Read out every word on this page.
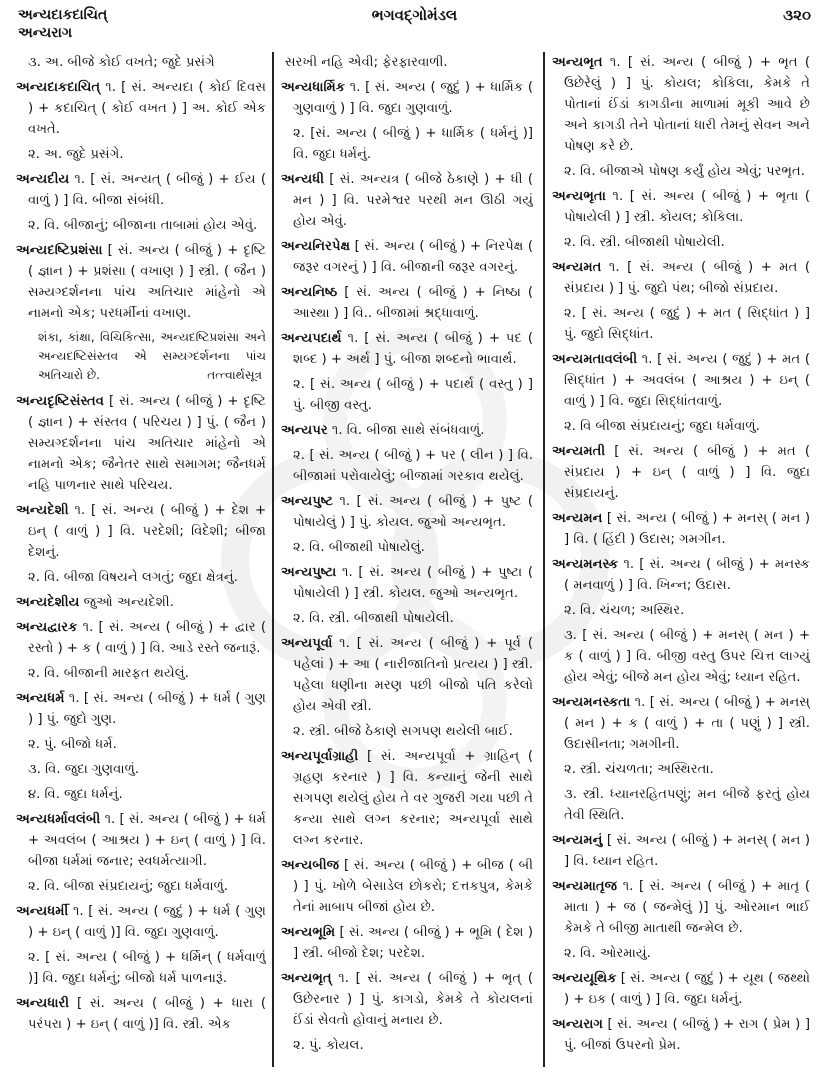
અન્યદાકદાચિત્
અન્યરાગ
ભગવદ્ગોમંડલ	૩૨૦

૩. અ. બીજે કોઈ વખતે; જુદે પ્રસંગે

અન્યદાકદાચિત્ ૧. [ સં. અન્યદા ( કોઈ દિવસ ) + કદાચિત્ ( કોઈ વખત ) ] અ. કોઈ એક વખતે.

૨. અ. જુદે પ્રસંગે.

અન્યદીય ૧. [ સં. અન્યત્ ( બીજું ) + ઈય ( વાળું ) ] વિ. બીજા સંબંધી.

૨. વિ. બીજાનું; બીજાના તાબામાં હોય એવું.

અન્યદષ્ટિપ્રશંસા [ સં. અન્ય ( બીજું ) + દૃષ્ટિ ( જ્ઞાન ) + પ્રશંસા ( વખાણ ) ] સ્ત્રી. ( જૈન ) સમ્યગ્દર્શનના પાંચ અતિચાર માંહેનો એ નામનો એક; પરધર્મીનાં વખાણ.

શંકા, કાંક્ષા, વિચિકિત્સા, અન્યદષ્ટિપ્રશંસા અને અન્યદષ્ટિસંસ્તવ એ સમ્યગ્દર્શનના પાંચ અતિચારો છે.	તત્ત્વાર્થસૂત્ર

અન્યદૃષ્ટિસંસ્તવ [ સં. અન્ય ( બીજું ) + દૃષ્ટિ ( જ્ઞાન ) + સંસ્તવ ( પરિચય ) ] પું. ( જૈન ) સમ્યગ્દર્શનના પાંચ અતિચાર માંહેનો એ નામનો એક; જૈનેતર સાથે સમાગમ; જૈનધર્મ નહિ પાળનાર સાથે પરિચય.

અન્યદેશી ૧. [ સં. અન્ય ( બીજું ) + દેશ + ઇન્ ( વાળું ) ] વિ. પરદેશી; વિદેશી; બીજા દેશનું.

૨. વિ. બીજા વિષયને લગતું; જુદા ક્ષેત્રનું.

અન્યદેશીય જુઓ અન્યદેશી.

અન્યદ્વારક ૧. [ સં. અન્ય ( બીજું ) + દ્વાર ( રસ્તો ) + ક ( વાળું ) ] વિ. આડે રસ્તે જનારૂં.

૨. વિ. બીજાની મારફત થયેલું.

અન્યધર્મ ૧. [ સં. અન્ય ( બીજું ) + ધર્મ ( ગુણ ) ] પું. જુદો ગુણ.

૨. પું. બીજો ધર્મ.

૩. વિ. જુદા ગુણવાળું.

૪. વિ. જુદા ધર્મનું.

અન્યધર્માવલંબી ૧. [ સં. અન્ય ( બીજું ) + ધર્મ + અવલંબ ( આશ્રય ) + ઇન્ ( વાળું ) ] વિ. બીજા ધર્મમાં જનાર; સ્વધર્મત્યાગી.

૨. વિ. બીજા સંપ્રદાયનું; જુદા ધર્મવાળું.

અન્યધર્મી ૧. [ સં. અન્ય ( જુદું ) + ધર્મ ( ગુણ ) + ઇન્ ( વાળું )] વિ. જુદા ગુણવાળું.

૨. [ સં. અન્ય ( બીજું ) + ધર્મિન્ ( ધર્મવાળું )] વિ. જુદા ધર્મનું; બીજો ધર્મ પાળનારૂં.

અન્યધારી [ સં. અન્ય ( બીજું ) + ધારા ( પરંપરા ) + ઇન્ ( વાળું )] વિ. સ્ત્રી. એક

સરખી નહિ એવી; ફેરફારવાળી.

અન્યધાર્મિક ૧. [ સં. અન્ય ( જુદું ) + ધાર્મિક ( ગુણવાળું ) ] વિ. જુદા ગુણવાળું.

૨. [સં. અન્ય ( બીજું ) + ધાર્મિક ( ધર્મનું )] વિ. જુદા ધર્મનું.

અન્યધી [ સં. અન્યત્ર ( બીજે ઠેકાણે ) + ધી ( મન ) ] વિ. પરમેશ્વર પરથી મન ઊઠી ગયું હોય એવું.

અન્યનિરપેક્ષ [ સં. અન્ય ( બીજું ) + નિરપેક્ષ ( જરૂર વગરનું ) ] વિ. બીજાની જરૂર વગરનું.

અન્યનિષ્ઠ [ સં. અન્ય ( બીજું ) + નિષ્ઠા ( આસ્થા ) ] વિ.. બીજામાં શ્રદ્ધાવાળું.

અન્યપદાર્થ ૧. [ સં. અન્ય ( બીજું ) + પદ ( શબ્દ ) + અર્થ ] પું. બીજા શબ્દનો ભાવાર્થ.

૨. [ સં. અન્ય ( બીજું ) + પદાર્થ ( વસ્તુ ) ] પું. બીજી વસ્તુ.

અન્યપર ૧. વિ. બીજા સાથે સંબંધવાળું.

૨. [ સં. અન્ય ( બીજું ) + પર ( લીન ) ] વિ. બીજામાં પરોવાયેલું; બીજામાં ગરકાવ થયેલું.

અન્યપુષ્ટ ૧. [ સં. અન્ય ( બીજું ) + પુષ્ટ ( પોષાયેલું ) ] પું. કોયલ. જુઓ અન્યભૃત.

૨. વિ. બીજાથી પોષાયેલું.

અન્યપુષ્ટા ૧. [ સં. અન્ય ( બીજું ) + પુષ્ટા ( પોષાયેલી ) ] સ્ત્રી. કોયલ. જુઓ અન્યભૃત.

૨. વિ. સ્ત્રી. બીજાથી પોષાયેલી.

અન્યપૂર્વા ૧. [ સં. અન્ય ( બીજું ) + પૂર્વ ( પહેલાં ) + આ ( નારીજાતિનો પ્રત્યય ) ] સ્ત્રી. પહેલા ધણીના મરણ પછી બીજો પતિ કરેલો હોય એવી સ્ત્રી.

૨. સ્ત્રી. બીજે ઠેકાણે સગપણ થયેલી બાઈ.

અન્યપૂર્વાગ્રાહી [ સં. અન્યપૂર્વા + ગ્રાહિન્ ( ગ્રહણ કરનાર ) ] વિ. કન્યાનું જેની સાથે સગપણ થયેલું હોય તે વર ગુજરી ગયા પછી તે કન્યા સાથે લગ્ન કરનાર; અન્યપૂર્વા સાથે લગ્ન કરનાર.

અન્યબીજ [ સં. અન્ય ( બીજું ) + બીજ ( બી ) ] પું. ખોળે બેસાડેલ છોકરો; દત્તકપુત્ર, કેમકે તેનાં માબાપ બીજાં હોય છે.

અન્યભૂમિ [ સં. અન્ય ( બીજું ) + ભૂમિ ( દેશ ) ] સ્ત્રી. બીજો દેશ; પરદેશ.

અન્યભૃત્ ૧. [ સં. અન્ય ( બીજું ) + ભૃત્ ( ઉછેરનાર ) ] પું. કાગડો, કેમકે તે કોયલનાં ઈંડાં સેવતો હોવાનું મનાય છે.

૨. પું. કોયલ.

અન્યભૃત ૧. [ સં. અન્ય ( બીજું ) + ભૃત ( ઉછેરેલું ) ] પું. કોયલ; કોકિલા, કેમકે તે પોતાનાં ઈંડાં કાગડીના માળામાં મૂકી આવે છે અને કાગડી તેને પોતાનાં ધારી તેમનું સેવન અને પોષણ કરે છે.

૨. વિ. બીજાએ પોષણ કર્યું હોય એવું; પરભૃત.

અન્યભૃતા ૧. [ સં. અન્ય ( બીજું ) + ભૃતા ( પોષાયેલી ) ] સ્ત્રી. કોયલ; કોકિલા.

૨. વિ. સ્ત્રી. બીજાથી પોષાયેલી.

અન્યમત ૧. [ સં. અન્ય ( બીજું ) + મત ( સંપ્રદાય ) ] પું. જુદો પંથ; બીજો સંપ્રદાય.

૨. [ સં. અન્ય ( જુદું ) + મત ( સિદ્ધાંત ) ] પું. જુદો સિદ્ધાંત.

અન્યમતાવલંબી ૧. [ સં. અન્ય ( જુદું ) + મત ( સિદ્ધાંત ) + અવલંબ ( આશ્રય ) + ઇન્ ( વાળું ) ] વિ. જુદા સિદ્ધાંતવાળું.

૨. વિ બીજા સંપ્રદાયનું; જુદા ધર્મવાળું.

અન્યમતી [ સં. અન્ય ( બીજું ) + મત ( સંપ્રદાય ) + ઇન્ ( વાળું ) ] વિ. જુદા સંપ્રદાયનું.

અન્યમન [ સં. અન્ય ( બીજું ) + મનસ્ ( મન ) ] વિ. ( હિંદી ) ઉદાસ; ગમગીન.

અન્યમનસ્ક ૧. [ સં. અન્ય ( બીજું ) + મનસ્ક ( મનવાળું ) ] વિ. ખિન્ન; ઉદાસ.

૨. વિ. ચંચળ; અસ્થિર.

૩. [ સં. અન્ય ( બીજું ) + મનસ્ ( મન ) + ક ( વાળું ) ] વિ. બીજી વસ્તુ ઉપર ચિત્ત લાગ્યું હોય એવું; બીજે મન હોય એવું; ધ્યાન રહિત.

અન્યમનસ્કતા ૧. [ સં. અન્ય ( બીજું ) + મનસ્ ( મન ) + ક ( વાળું ) + તા ( પણું ) ] સ્ત્રી. ઉદાસીનતા; ગમગીની.

૨. સ્ત્રી. ચંચળતા; અસ્થિરતા.

૩. સ્ત્રી. ધ્યાનરહિતપણું; મન બીજે ફરતું હોય તેવી સ્થિતિ.

અન્યમનું [ સં. અન્ય ( બીજું ) + મનસ્ ( મન ) ] વિ. ધ્યાન રહિત.

અન્યમાતૃજ ૧. [ સં. અન્ય ( બીજું ) + માતૃ ( માતા ) + જ ( જન્મેલું )] પું. ઓરમાન ભાઈ કેમકે તે બીજી માતાથી જન્મેલ છે.

૨. વિ. ઓરમાયું.

અન્યયૂથિક [ સં. અન્ય ( જુદું ) + યૂથ ( જથ્થો ) + ઇક ( વાળું ) ] વિ. જુદા ધર્મનું.

અન્યરાગ [ સં. અન્ય ( બીજું ) + રાગ ( પ્રેમ ) ] પું. બીજાં ઉપરનો પ્રેમ.
